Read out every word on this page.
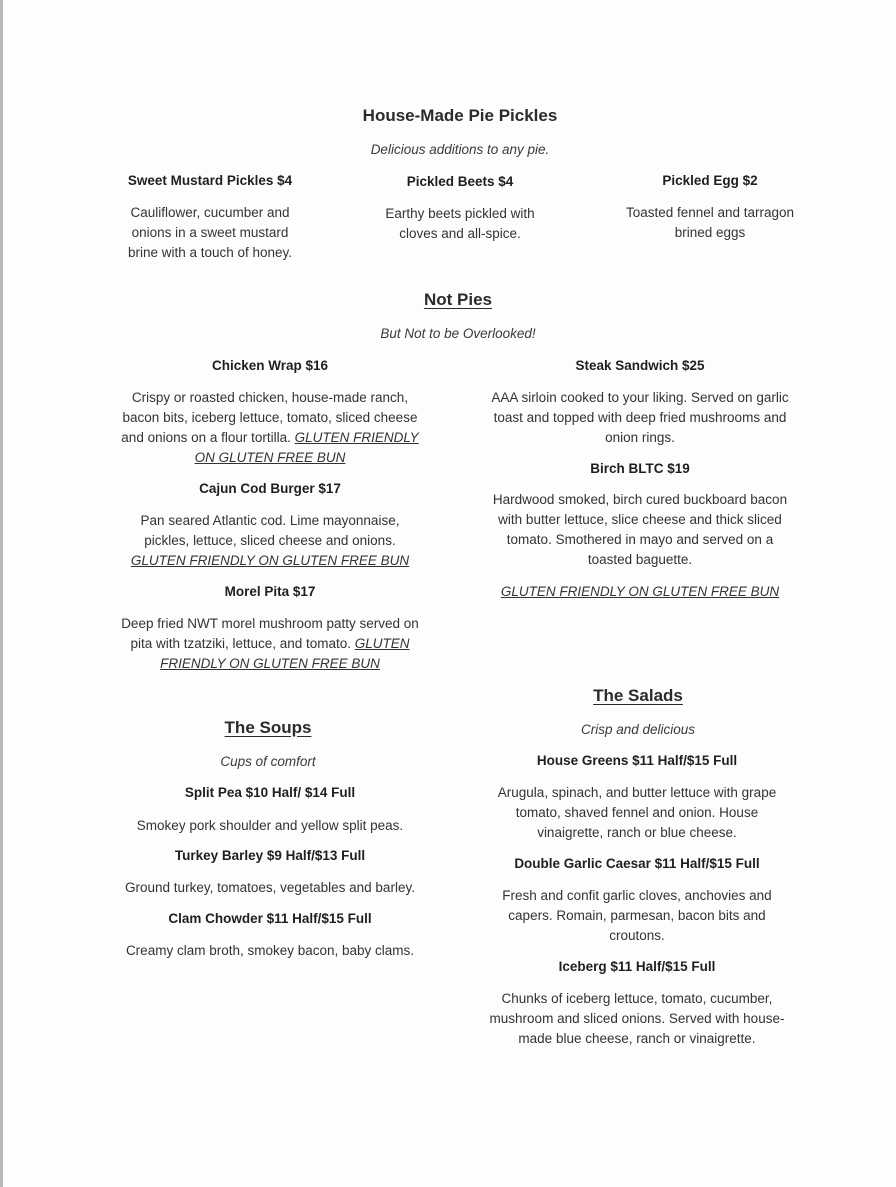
House-Made Pie Pickles
Delicious additions to any pie.
Sweet Mustard Pickles $4
Cauliflower, cucumber and
onions in a sweet mustard
brine with a touch of honey.
Pickled Beets $4
Earthy beets pickled with
cloves and all-spice.
Pickled Egg $2
Toasted fennel and tarragon
brined eggs
Not Pies
But Not to be Overlooked!
Chicken Wrap $16
Crispy or roasted chicken, house-made ranch,
bacon bits, iceberg lettuce, tomato, sliced cheese
and onions on a flour tortilla. GLUTEN FRIENDLY
ON GLUTEN FREE BUN
Cajun Cod Burger $17
Pan seared Atlantic cod. Lime mayonnaise,
pickles, lettuce, sliced cheese and onions.
GLUTEN FRIENDLY ON GLUTEN FREE BUN
Morel Pita $17
Deep fried NWT morel mushroom patty served on
pita with tzatziki, lettuce, and tomato. GLUTEN
FRIENDLY ON GLUTEN FREE BUN
Steak Sandwich $25
AAA sirloin cooked to your liking. Served on garlic
toast and topped with deep fried mushrooms and
onion rings.
Birch BLTC $19
Hardwood smoked, birch cured buckboard bacon
with butter lettuce, slice cheese and thick sliced
tomato. Smothered in mayo and served on a
toasted baguette.
GLUTEN FRIENDLY ON GLUTEN FREE BUN
The Soups
Cups of comfort
Split Pea $10 Half/ $14 Full
Smokey pork shoulder and yellow split peas.
Turkey Barley $9 Half/$13 Full
Ground turkey, tomatoes, vegetables and barley.
Clam Chowder $11 Half/$15 Full
Creamy clam broth, smokey bacon, baby clams.
The Salads
Crisp and delicious
House Greens $11 Half/$15 Full
Arugula, spinach, and butter lettuce with grape
tomato, shaved fennel and onion. House
vinaigrette, ranch or blue cheese.
Double Garlic Caesar $11 Half/$15 Full
Fresh and confit garlic cloves, anchovies and
capers. Romain, parmesan, bacon bits and
croutons.
Iceberg $11 Half/$15 Full
Chunks of iceberg lettuce, tomato, cucumber,
mushroom and sliced onions. Served with house-
made blue cheese, ranch or vinaigrette.
